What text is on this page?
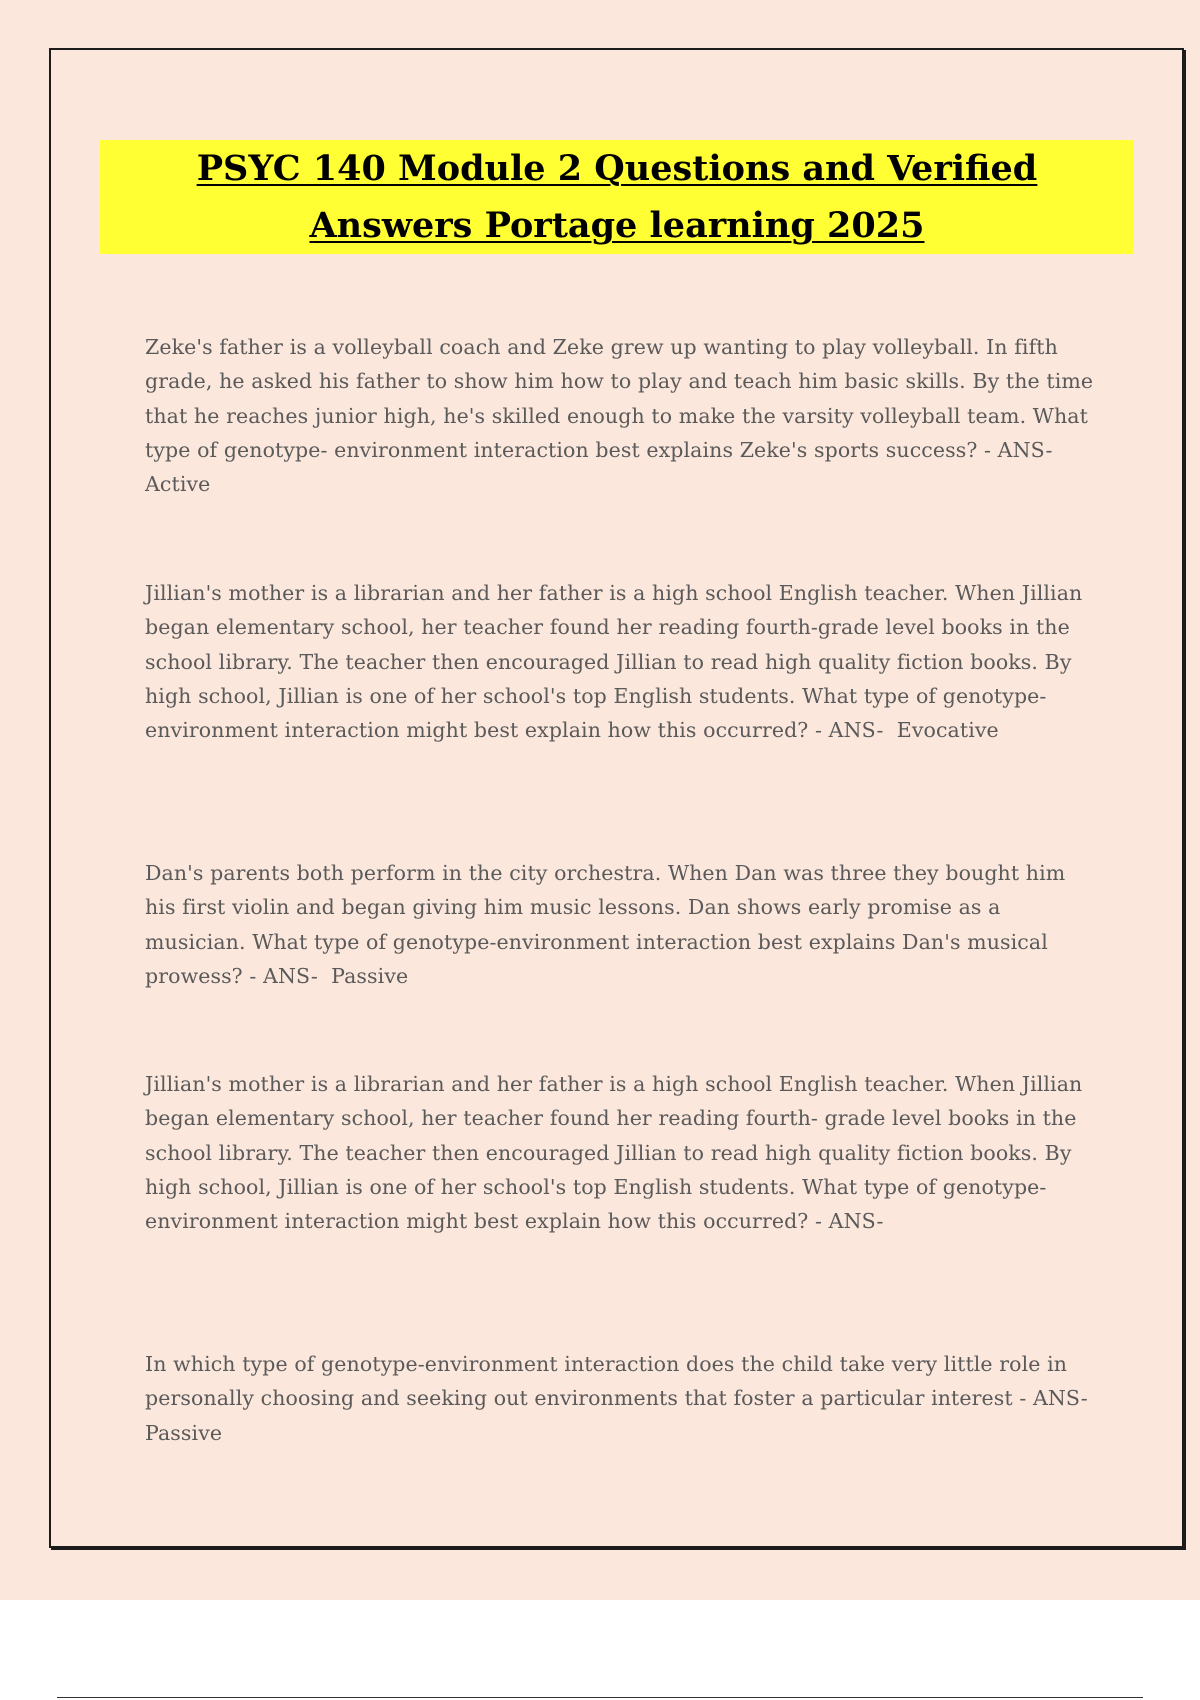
PSYC 140 Module 2 Questions and Verified
Answers Portage learning 2025

Zeke's father is a volleyball coach and Zeke grew up wanting to play volleyball. In fifth grade, he asked his father to show him how to play and teach him basic skills. By the time that he reaches junior high, he's skilled enough to make the varsity volleyball team. What type of genotype- environment interaction best explains Zeke's sports success? - ANS-  Active

Jillian's mother is a librarian and her father is a high school English teacher. When Jillian began elementary school, her teacher found her reading fourth-grade level books in the school library. The teacher then encouraged Jillian to read high quality fiction books. By high school, Jillian is one of her school's top English students. What type of genotype-environment interaction might best explain how this occurred? - ANS-  Evocative

Dan's parents both perform in the city orchestra. When Dan was three they bought him his first violin and began giving him music lessons. Dan shows early promise as a musician. What type of genotype-environment interaction best explains Dan's musical prowess? - ANS-  Passive

Jillian's mother is a librarian and her father is a high school English teacher. When Jillian began elementary school, her teacher found her reading fourth- grade level books in the school library. The teacher then encouraged Jillian to read high quality fiction books. By high school, Jillian is one of her school's top English students. What type of genotype-environment interaction might best explain how this occurred? - ANS-

In which type of genotype-environment interaction does the child take very little role in personally choosing and seeking out environments that foster a particular interest - ANS-  Passive
